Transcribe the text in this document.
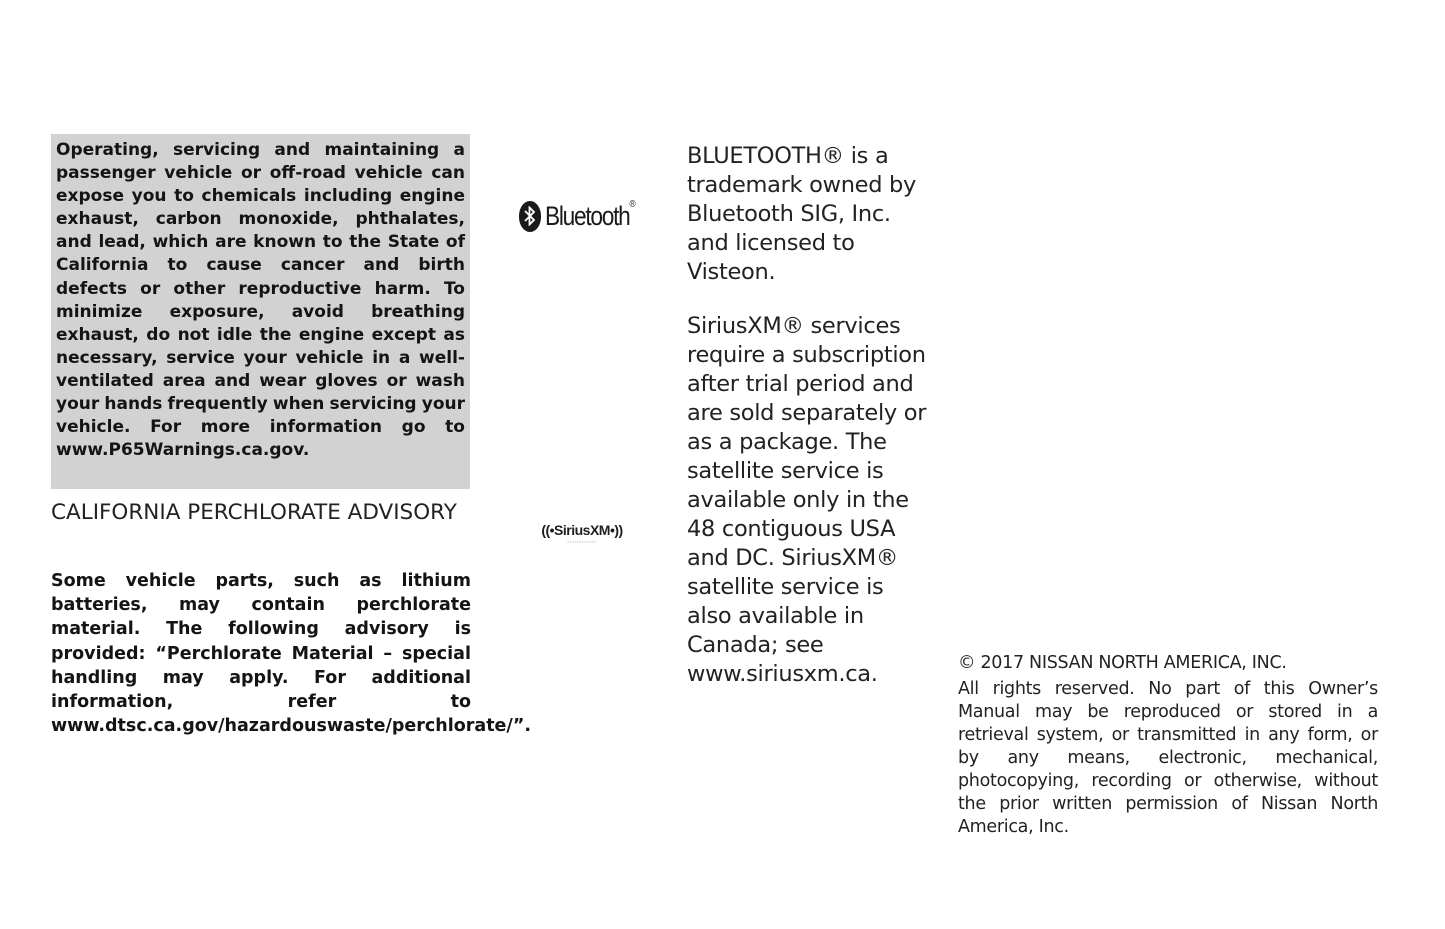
Operating, servicing and maintaining a passenger vehicle or off-road vehicle can expose you to chemicals including engine exhaust, carbon monoxide, phthalates, and lead, which are known to the State of California to cause cancer and birth defects or other reproductive harm. To minimize exposure, avoid breathing exhaust, do not idle the engine except as necessary, service your vehicle in a well-ventilated area and wear gloves or wash your hands frequently when servicing your vehicle. For more information go to www.P65Warnings.ca.gov.

CALIFORNIA PERCHLORATE ADVISORY

Some vehicle parts, such as lithium batteries, may contain perchlorate material. The following advisory is provided: “Perchlorate Material – special handling may apply. For additional information, refer to www.dtsc.ca.gov/hazardouswaste/perchlorate/”.

Bluetooth®
((•SiriusXM•))
▪▪▪▪▪▪▪▪▪▪▪▪

BLUETOOTH® is a trademark owned by Bluetooth SIG, Inc. and licensed to Visteon.

SiriusXM® services require a subscription after trial period and are sold separately or as a package. The satellite service is available only in the 48 contiguous USA and DC. SiriusXM® satellite service is also available in Canada; see www.siriusxm.ca.	© 2017 NISSAN NORTH AMERICA, INC.

All rights reserved. No part of this Owner’s Manual may be reproduced or stored in a retrieval system, or transmitted in any form, or by any means, electronic, mechanical, photocopying, recording or otherwise, without the prior written permission of Nissan North America, Inc.
